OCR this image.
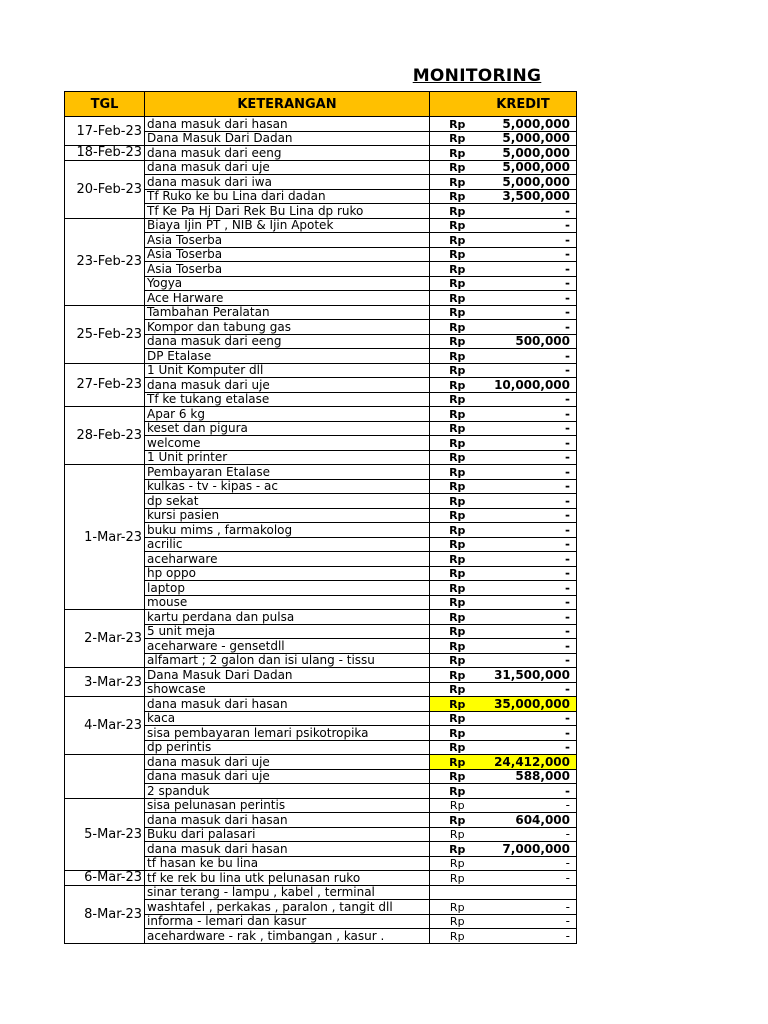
MONITORING
TGL	KETERANGAN	KREDIT	
17-Feb-23	dana masuk dari hasan	Rp	5,000,000
	Dana Masuk Dari Dadan	Rp	5,000,000
18-Feb-23	dana masuk dari eeng	Rp	5,000,000
20-Feb-23	dana masuk dari uje	Rp	5,000,000
	dana masuk dari iwa	Rp	5,000,000
	Tf Ruko ke bu Lina dari dadan	Rp	3,500,000
	Tf Ke Pa Hj Dari Rek Bu Lina dp ruko	Rp	-
23-Feb-23	Biaya Ijin PT , NIB & Ijin Apotek	Rp	-
	Asia Toserba	Rp	-
	Asia Toserba	Rp	-
	Asia Toserba	Rp	-
	Yogya	Rp	-
	Ace Harware	Rp	-
25-Feb-23	Tambahan Peralatan	Rp	-
	Kompor dan tabung gas	Rp	-
	dana masuk dari eeng	Rp	500,000
	DP Etalase	Rp	-
27-Feb-23	1 Unit Komputer dll	Rp	-
	dana masuk dari uje	Rp	10,000,000
	Tf ke tukang etalase	Rp	-
28-Feb-23	Apar 6 kg	Rp	-
	keset dan pigura	Rp	-
	welcome	Rp	-
	1 Unit printer	Rp	-
1-Mar-23	Pembayaran Etalase	Rp	-
	kulkas - tv - kipas - ac	Rp	-
	dp sekat	Rp	-
	kursi pasien	Rp	-
	buku mims , farmakolog	Rp	-
	acrilic	Rp	-
	aceharware	Rp	-
	hp oppo	Rp	-
	laptop	Rp	-
	mouse	Rp	-
2-Mar-23	kartu perdana dan pulsa	Rp	-
	5 unit meja	Rp	-
	aceharware - gensetdll	Rp	-
	alfamart ; 2 galon dan isi ulang - tissu	Rp	-
3-Mar-23	Dana Masuk Dari Dadan	Rp	31,500,000
	showcase	Rp	-
4-Mar-23	dana masuk dari hasan	Rp	35,000,000
	kaca	Rp	-
	sisa pembayaran lemari psikotropika	Rp	-
	dp perintis	Rp	-
	dana masuk dari uje	Rp	24,412,000
	dana masuk dari uje	Rp	588,000
	2 spanduk	Rp	-
5-Mar-23	sisa pelunasan perintis	Rp	-
	dana masuk dari hasan	Rp	604,000
	Buku dari palasari	Rp	-
	dana masuk dari hasan	Rp	7,000,000
	tf hasan ke bu lina	Rp	-
6-Mar-23	tf ke rek bu lina utk pelunasan ruko	Rp	-
8-Mar-23	sinar terang - lampu , kabel , terminal		
	washtafel , perkakas , paralon , tangit dll	Rp	-
	informa - lemari dan kasur	Rp	-
	acehardware - rak , timbangan , kasur .	Rp	-
